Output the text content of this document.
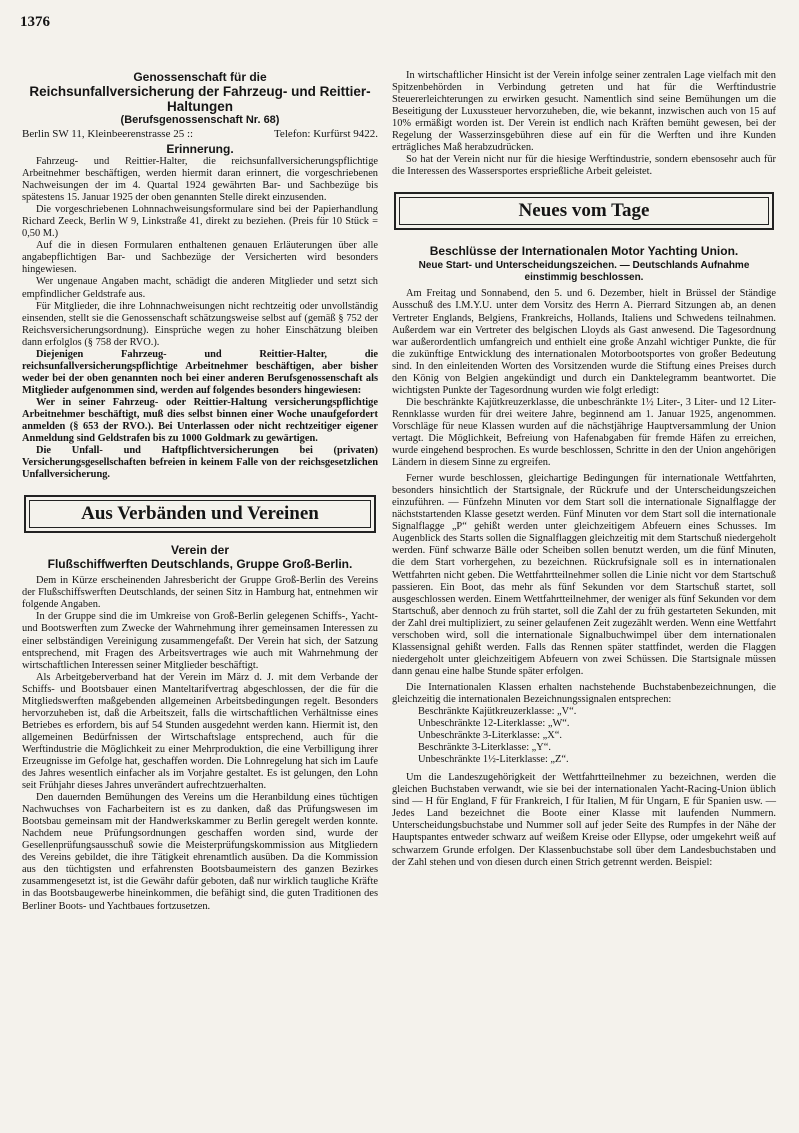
1376
Genossenschaft für die
Reichsunfallversicherung der Fahrzeug- und Reittier-Haltungen
(Berufsgenossenschaft Nr. 68)
Berlin SW 11, Kleinbeerenstrasse 25 ::	Telefon: Kurfürst 9422.
Erinnerung.

Fahrzeug- und Reittier-Halter, die reichsunfallversicherungspflichtige Arbeitnehmer beschäftigen, werden hiermit daran erinnert, die vorgeschriebenen Nachweisungen der im 4. Quartal 1924 gewährten Bar- und Sachbezüge bis spätestens 15. Januar 1925 der oben genannten Stelle direkt einzusenden.

Die vorgeschriebenen Lohnnachweisungsformulare sind bei der Papierhandlung Richard Zeeck, Berlin W 9, Linkstraße 41, direkt zu beziehen. (Preis für 10 Stück = 0,50 M.)

Auf die in diesen Formularen enthaltenen genauen Erläuterungen über alle angabepflichtigen Bar- und Sachbezüge der Versicherten wird besonders hingewiesen.

Wer ungenaue Angaben macht, schädigt die anderen Mitglieder und setzt sich empfindlicher Geldstrafe aus.

Für Mitglieder, die ihre Lohnnachweisungen nicht rechtzeitig oder unvollständig einsenden, stellt sie die Genossenschaft schätzungsweise selbst auf (gemäß § 752 der Reichsversicherungsordnung). Einsprüche wegen zu hoher Einschätzung bleiben dann erfolglos (§ 758 der RVO.).

Diejenigen Fahrzeug- und Reittier-Halter, die reichsunfallversicherungspflichtige Arbeitnehmer beschäftigen, aber bisher weder bei der oben genannten noch bei einer anderen Berufsgenossenschaft als Mitglieder aufgenommen sind, werden auf folgendes besonders hingewiesen:

Wer in seiner Fahrzeug- oder Reittier-Haltung versicherungspflichtige Arbeitnehmer beschäftigt, muß dies selbst binnen einer Woche unaufgefordert anmelden (§ 653 der RVO.). Bei Unterlassen oder nicht rechtzeitiger eigener Anmeldung sind Geldstrafen bis zu 1000 Goldmark zu gewärtigen.

Die Unfall- und Haftpflichtversicherungen bei (privaten) Versicherungsgesellschaften befreien in keinem Falle von der reichsgesetzlichen Unfallversicherung.

Aus Verbänden und Vereinen
Verein der
Flußschiffwerften Deutschlands, Gruppe Groß-Berlin.

Dem in Kürze erscheinenden Jahresbericht der Gruppe Groß-Berlin des Vereins der Flußschiffswerften Deutschlands, der seinen Sitz in Hamburg hat, entnehmen wir folgende Angaben.

In der Gruppe sind die im Umkreise von Groß-Berlin gelegenen Schiffs-, Yacht- und Bootswerften zum Zwecke der Wahrnehmung ihrer gemeinsamen Interessen zu einer selbständigen Vereinigung zusammengefaßt. Der Verein hat sich, der Satzung entsprechend, mit Fragen des Arbeitsvertrages wie auch mit Wahrnehmung der wirtschaftlichen Interessen seiner Mitglieder beschäftigt.

Als Arbeitgeberverband hat der Verein im März d. J. mit dem Verbande der Schiffs- und Bootsbauer einen Manteltarifvertrag abgeschlossen, der die für die Mitgliedswerften maßgebenden allgemeinen Arbeitsbedingungen regelt. Besonders hervorzuheben ist, daß die Arbeitszeit, falls die wirtschaftlichen Verhältnisse eines Betriebes es erfordern, bis auf 54 Stunden ausgedehnt werden kann. Hiermit ist, den allgemeinen Bedürfnissen der Wirtschaftslage entsprechend, auch für die Werftindustrie die Möglichkeit zu einer Mehrproduktion, die eine Verbilligung ihrer Erzeugnisse im Gefolge hat, geschaffen worden. Die Lohnregelung hat sich im Laufe des Jahres wesentlich einfacher als im Vorjahre gestaltet. Es ist gelungen, den Lohn seit Frühjahr dieses Jahres unverändert aufrechtzuerhalten.

Den dauernden Bemühungen des Vereins um die Heranbildung eines tüchtigen Nachwuchses von Facharbeitern ist es zu danken, daß das Prüfungswesen im Bootsbau gemeinsam mit der Handwerkskammer zu Berlin geregelt werden konnte. Nachdem neue Prüfungsordnungen geschaffen worden sind, wurde der Gesellenprüfungsausschuß sowie die Meisterprüfungskommission aus Mitgliedern des Vereins gebildet, die ihre Tätigkeit ehrenamtlich ausüben. Da die Kommission aus den tüchtigsten und erfahrensten Bootsbaumeistern des ganzen Bezirkes zusammengesetzt ist, ist die Gewähr dafür geboten, daß nur wirklich taugliche Kräfte in das Bootsbaugewerbe hineinkommen, die befähigt sind, die guten Traditionen des Berliner Boots- und Yachtbaues fortzusetzen.

In wirtschaftlicher Hinsicht ist der Verein infolge seiner zentralen Lage vielfach mit den Spitzenbehörden in Verbindung getreten und hat für die Werftindustrie Steuererleichterungen zu erwirken gesucht. Namentlich sind seine Bemühungen um die Beseitigung der Luxussteuer hervorzuheben, die, wie bekannt, inzwischen auch von 15 auf 10% ermäßigt worden ist. Der Verein ist endlich nach Kräften bemüht gewesen, bei der Regelung der Wasserzinsgebühren diese auf ein für die Werften und ihre Kunden erträgliches Maß herabzudrücken.

So hat der Verein nicht nur für die hiesige Werftindustrie, sondern ebensosehr auch für die Interessen des Wassersportes ersprießliche Arbeit geleistet.

Neues vom Tage
Beschlüsse der Internationalen Motor Yachting Union.
Neue Start- und Unterscheidungszeichen. — Deutschlands Aufnahme einstimmig beschlossen.

Am Freitag und Sonnabend, den 5. und 6. Dezember, hielt in Brüssel der Ständige Ausschuß des I.M.Y.U. unter dem Vorsitz des Herrn A. Pierrard Sitzungen ab, an denen Vertreter Englands, Belgiens, Frankreichs, Hollands, Italiens und Schwedens teilnahmen. Außerdem war ein Vertreter des belgischen Lloyds als Gast anwesend. Die Tagesordnung war außerordentlich umfangreich und enthielt eine große Anzahl wichtiger Punkte, die für die zukünftige Entwicklung des internationalen Motorbootsportes von großer Bedeutung sind. In den einleitenden Worten des Vorsitzenden wurde die Stiftung eines Preises durch den König von Belgien angekündigt und durch ein Danktelegramm beantwortet. Die wichtigsten Punkte der Tagesordnung wurden wie folgt erledigt:

Die beschränkte Kajütkreuzerklasse, die unbeschränkte 1½ Liter-, 3 Liter- und 12 Liter-Rennklasse wurden für drei weitere Jahre, beginnend am 1. Januar 1925, angenommen. Vorschläge für neue Klassen wurden auf die nächstjährige Hauptversammlung der Union vertagt. Die Möglichkeit, Befreiung von Hafenabgaben für fremde Häfen zu erreichen, wurde eingehend besprochen. Es wurde beschlossen, Schritte in den der Union angehörigen Ländern in diesem Sinne zu ergreifen.

Ferner wurde beschlossen, gleichartige Bedingungen für internationale Wettfahrten, besonders hinsichtlich der Startsignale, der Rückrufe und der Unterscheidungszeichen einzuführen. — Fünfzehn Minuten vor dem Start soll die internationale Signalflagge der nächststartenden Klasse gesetzt werden. Fünf Minuten vor dem Start soll die internationale Signalflagge „P“ gehißt werden unter gleichzeitigem Abfeuern eines Schusses. Im Augenblick des Starts sollen die Signalflaggen gleichzeitig mit dem Startschuß niedergeholt werden. Fünf schwarze Bälle oder Scheiben sollen benutzt werden, um die fünf Minuten, die dem Start vorhergehen, zu bezeichnen. Rückrufsignale soll es in internationalen Wettfahrten nicht geben. Die Wettfahrtteilnehmer sollen die Linie nicht vor dem Startschuß passieren. Ein Boot, das mehr als fünf Sekunden vor dem Startschuß startet, soll ausgeschlossen werden. Einem Wettfahrtteilnehmer, der weniger als fünf Sekunden vor dem Startschuß, aber dennoch zu früh startet, soll die Zahl der zu früh gestarteten Sekunden, mit der Zahl drei multipliziert, zu seiner gelaufenen Zeit zugezählt werden. Wenn eine Wettfahrt verschoben wird, soll die internationale Signalbuchwimpel über dem internationalen Klassensignal gehißt werden. Falls das Rennen später stattfindet, werden die Flaggen niedergeholt unter gleichzeitigem Abfeuern von zwei Schüssen. Die Startsignale müssen dann genau eine halbe Stunde später erfolgen.

Die Internationalen Klassen erhalten nachstehende Buchstabenbezeichnungen, die gleichzeitig die internationalen Bezeichnungssignalen entsprechen:

Beschränkte Kajütkreuzerklasse: „V“.
Unbeschränkte 12-Literklasse: „W“.
Unbeschränkte 3-Literklasse: „X“.
Beschränkte 3-Literklasse: „Y“.
Unbeschränkte 1½-Literklasse: „Z“.

Um die Landeszugehörigkeit der Wettfahrtteilnehmer zu bezeichnen, werden die gleichen Buchstaben verwandt, wie sie bei der internationalen Yacht-Racing-Union üblich sind — H für England, F für Frankreich, I für Italien, M für Ungarn, E für Spanien usw. — Jedes Land bezeichnet die Boote einer Klasse mit laufenden Nummern. Unterscheidungsbuchstabe und Nummer soll auf jeder Seite des Rumpfes in der Nähe der Hauptspantes entweder schwarz auf weißem Kreise oder Ellypse, oder umgekehrt weiß auf schwarzem Grunde erfolgen. Der Klassenbuchstabe soll über dem Landesbuchstaben und der Zahl stehen und von diesen durch einen Strich getrennt werden. Beispiel:
